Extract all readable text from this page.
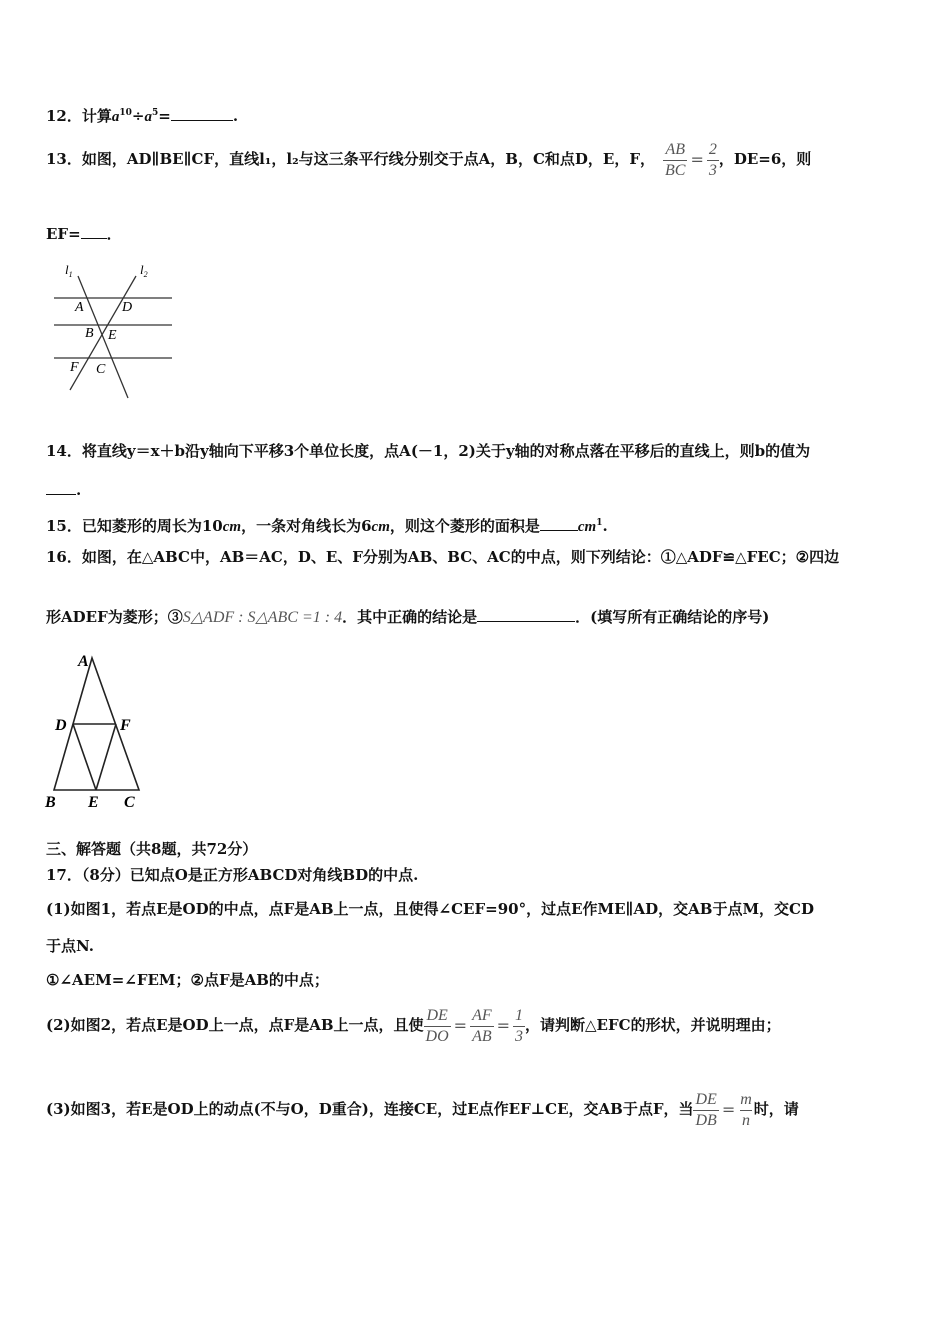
12．计算$a^{10}\div a^5=$	.
13．如图，AD∥BE∥CF，直线l₁，l₂与这三条平行线分别交于点A，B，C和点D，E，F， $\frac{AB}{BC} = \frac{2}{3}$ ，DE=6，则
EF= ．
$l_1$	$l_2$
A	D
B E
F C
14．将直线y＝x＋b沿y轴向下平移3个单位长度，点A(－1，2)关于y轴的对称点落在平移后的直线上，则b的值为
.
15．已知菱形的周长为10cm，一条对角线长为6cm，则这个菱形的面积是	$cm^1$.
16．如图，在△ABC中，AB＝AC，D、E、F分别为AB、BC、AC的中点，则下列结论：①△ADF≌△FEC；②四边
形ADEF为菱形；③S△ADF : S△ABC =1 : 4．其中正确的结论是	．(填写所有正确结论的序号)
A
D	F
B E C
三、解答题（共8题，共72分）
17．（8分）已知点O是正方形ABCD对角线BD的中点.
(1)如图1，若点E是OD的中点，点F是AB上一点，且使得∠CEF=90°，过点E作ME∥AD，交AB于点M，交CD
于点N.
①∠AEM=∠FEM；②点F是AB的中点；
(2)如图2，若点E是OD上一点，点F是AB上一点，且使 $\frac{DE}{DO} = \frac{AF}{AB} = \frac{1}{3}$ ，请判断△EFC的形状，并说明理由；
(3)如图3，若E是OD上的动点(不与O，D重合)，连接CE，过E点作EF⊥CE，交AB于点F，当 $\frac{DE}{DB} = \frac{m}{n}$ 时，请
